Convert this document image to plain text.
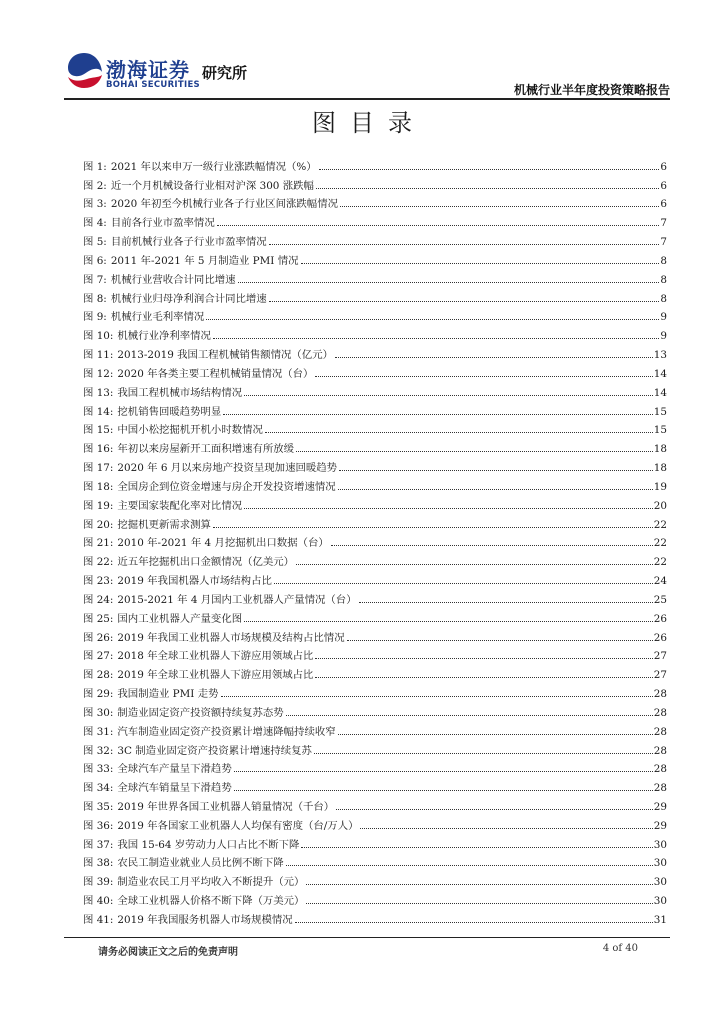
渤海证券
BOHAI SECURITIES
研究所
机械行业半年度投资策略报告
图目录
图 1: 2021 年以来申万一级行业涨跌幅情况（%）	6
图 2: 近一个月机械设备行业相对沪深 300 涨跌幅	6
图 3: 2020 年初至今机械行业各子行业区间涨跌幅情况	6
图 4: 目前各行业市盈率情况	7
图 5: 目前机械行业各子行业市盈率情况	7
图 6: 2011 年-2021 年 5 月制造业 PMI 情况	8
图 7: 机械行业营收合计同比增速	8
图 8: 机械行业归母净利润合计同比增速	8
图 9: 机械行业毛利率情况	9
图 10: 机械行业净利率情况	9
图 11: 2013-2019 我国工程机械销售额情况（亿元）	13
图 12: 2020 年各类主要工程机械销量情况（台）	14
图 13: 我国工程机械市场结构情况	14
图 14: 挖机销售回暖趋势明显	15
图 15: 中国小松挖掘机开机小时数情况	15
图 16: 年初以来房屋新开工面积增速有所放缓	18
图 17: 2020 年 6 月以来房地产投资呈现加速回暖趋势	18
图 18: 全国房企到位资金增速与房企开发投资增速情况	19
图 19: 主要国家装配化率对比情况	20
图 20: 挖掘机更新需求测算	22
图 21: 2010 年-2021 年 4 月挖掘机出口数据（台）	22
图 22: 近五年挖掘机出口金额情况（亿美元）	22
图 23: 2019 年我国机器人市场结构占比	24
图 24: 2015-2021 年 4 月国内工业机器人产量情况（台）	25
图 25: 国内工业机器人产量变化图	26
图 26: 2019 年我国工业机器人市场规模及结构占比情况	26
图 27: 2018 年全球工业机器人下游应用领域占比	27
图 28: 2019 年全球工业机器人下游应用领域占比	27
图 29: 我国制造业 PMI 走势	28
图 30: 制造业固定资产投资额持续复苏态势	28
图 31: 汽车制造业固定资产投资累计增速降幅持续收窄	28
图 32: 3C 制造业固定资产投资累计增速持续复苏	28
图 33: 全球汽车产量呈下滑趋势	28
图 34: 全球汽车销量呈下滑趋势	28
图 35: 2019 年世界各国工业机器人销量情况（千台）	29
图 36: 2019 年各国家工业机器人人均保有密度（台/万人）	29
图 37: 我国 15-64 岁劳动力人口占比不断下降	30
图 38: 农民工制造业就业人员比例不断下降	30
图 39: 制造业农民工月平均收入不断提升（元）	30
图 40: 全球工业机器人价格不断下降（万美元）	30
图 41: 2019 年我国服务机器人市场规模情况	31
请务必阅读正文之后的免责声明	4 of 40
